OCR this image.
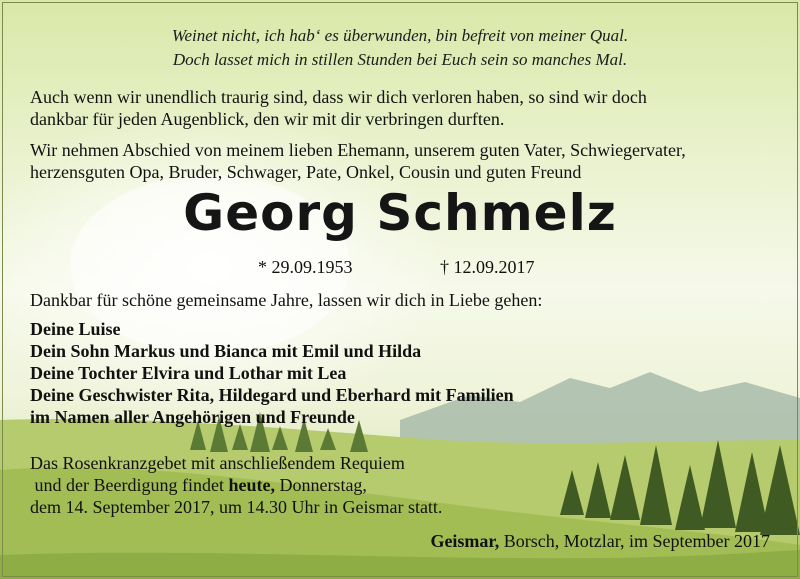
Weinet nicht, ich hab‘ es überwunden, bin befreit von meiner Qual.
Doch lasset mich in stillen Stunden bei Euch sein so manches Mal.
Auch wenn wir unendlich traurig sind, dass wir dich verloren haben, so sind wir doch
dankbar für jeden Augenblick, den wir mit dir verbringen durften.
Wir nehmen Abschied von meinem lieben Ehemann, unserem guten Vater, Schwiegervater,
herzensguten Opa, Bruder, Schwager, Pate, Onkel, Cousin und guten Freund
Georg Schmelz
* 29.09.1953	† 12.09.2017
Dankbar für schöne gemeinsame Jahre, lassen wir dich in Liebe gehen:
Deine Luise
Dein Sohn Markus und Bianca mit Emil und Hilda
Deine Tochter Elvira und Lothar mit Lea
Deine Geschwister Rita, Hildegard und Eberhard mit Familien
im Namen aller Angehörigen und Freunde
Das Rosenkranzgebet mit anschließendem Requiem
und der Beerdigung findet heute, Donnerstag,
dem 14. September 2017, um 14.30 Uhr in Geismar statt.
Geismar, Borsch, Motzlar, im September 2017
